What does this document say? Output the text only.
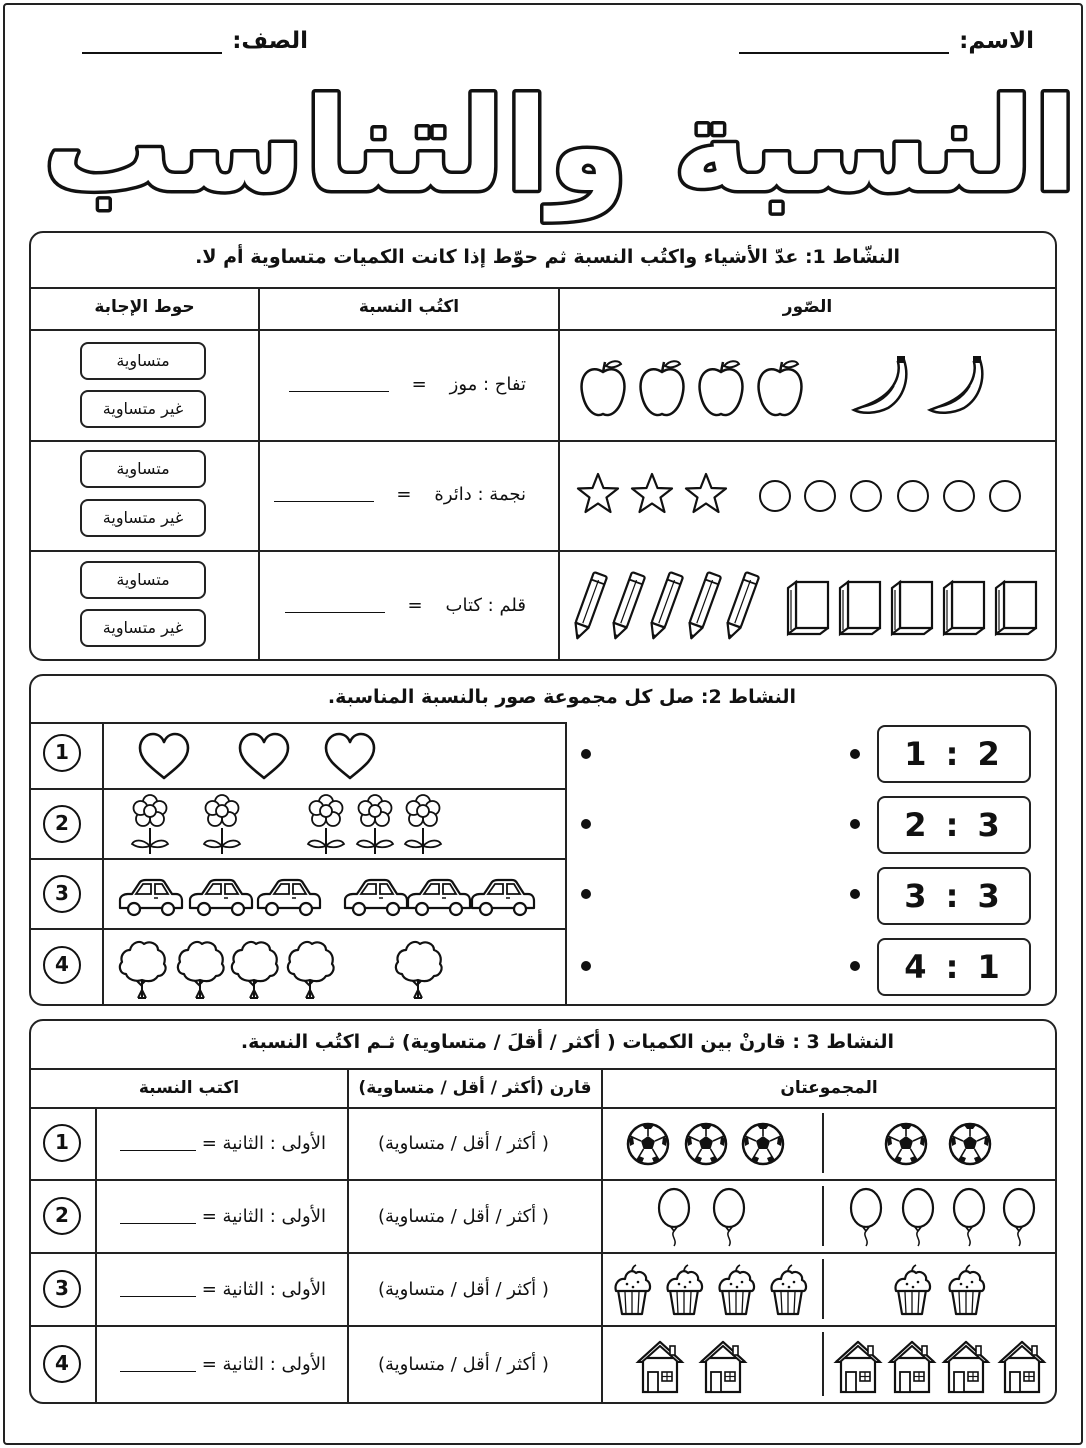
الاسم:
الصف:
النسبة والتناسب
النشّاط 1: عدّ الأشياء واكتُب النسبة ثم حوّط إذا كانت الكميات متساوية أم لا.
الصّور
اكتُب النسبة
حوط الإجابة
تفاح : موز    =
متساوية
غير متساوية
نجمة : دائرة    =
متساوية
غير متساوية
قلم : كتاب    =
متساوية
غير متساوية
النشاط 2: صل كل مجموعة صور بالنسبة المناسبة.
1
2
3
4
1 : 2
2 : 3
3 : 3
4 : 1
النشاط 3 : قارنْ بين الكميات ( أكثر / أقلَ / متساوية) ثـم اكتُب النسبة.
المجموعتان
قارن (أكثر / أقل / متساوية)
اكتب النسبة
1
2
3
4
الأولى : الثانية =
الأولى : الثانية =
الأولى : الثانية =
الأولى : الثانية =
( أكثر / أقل / متساوية)
( أكثر / أقل / متساوية)
( أكثر / أقل / متساوية)
( أكثر / أقل / متساوية)
